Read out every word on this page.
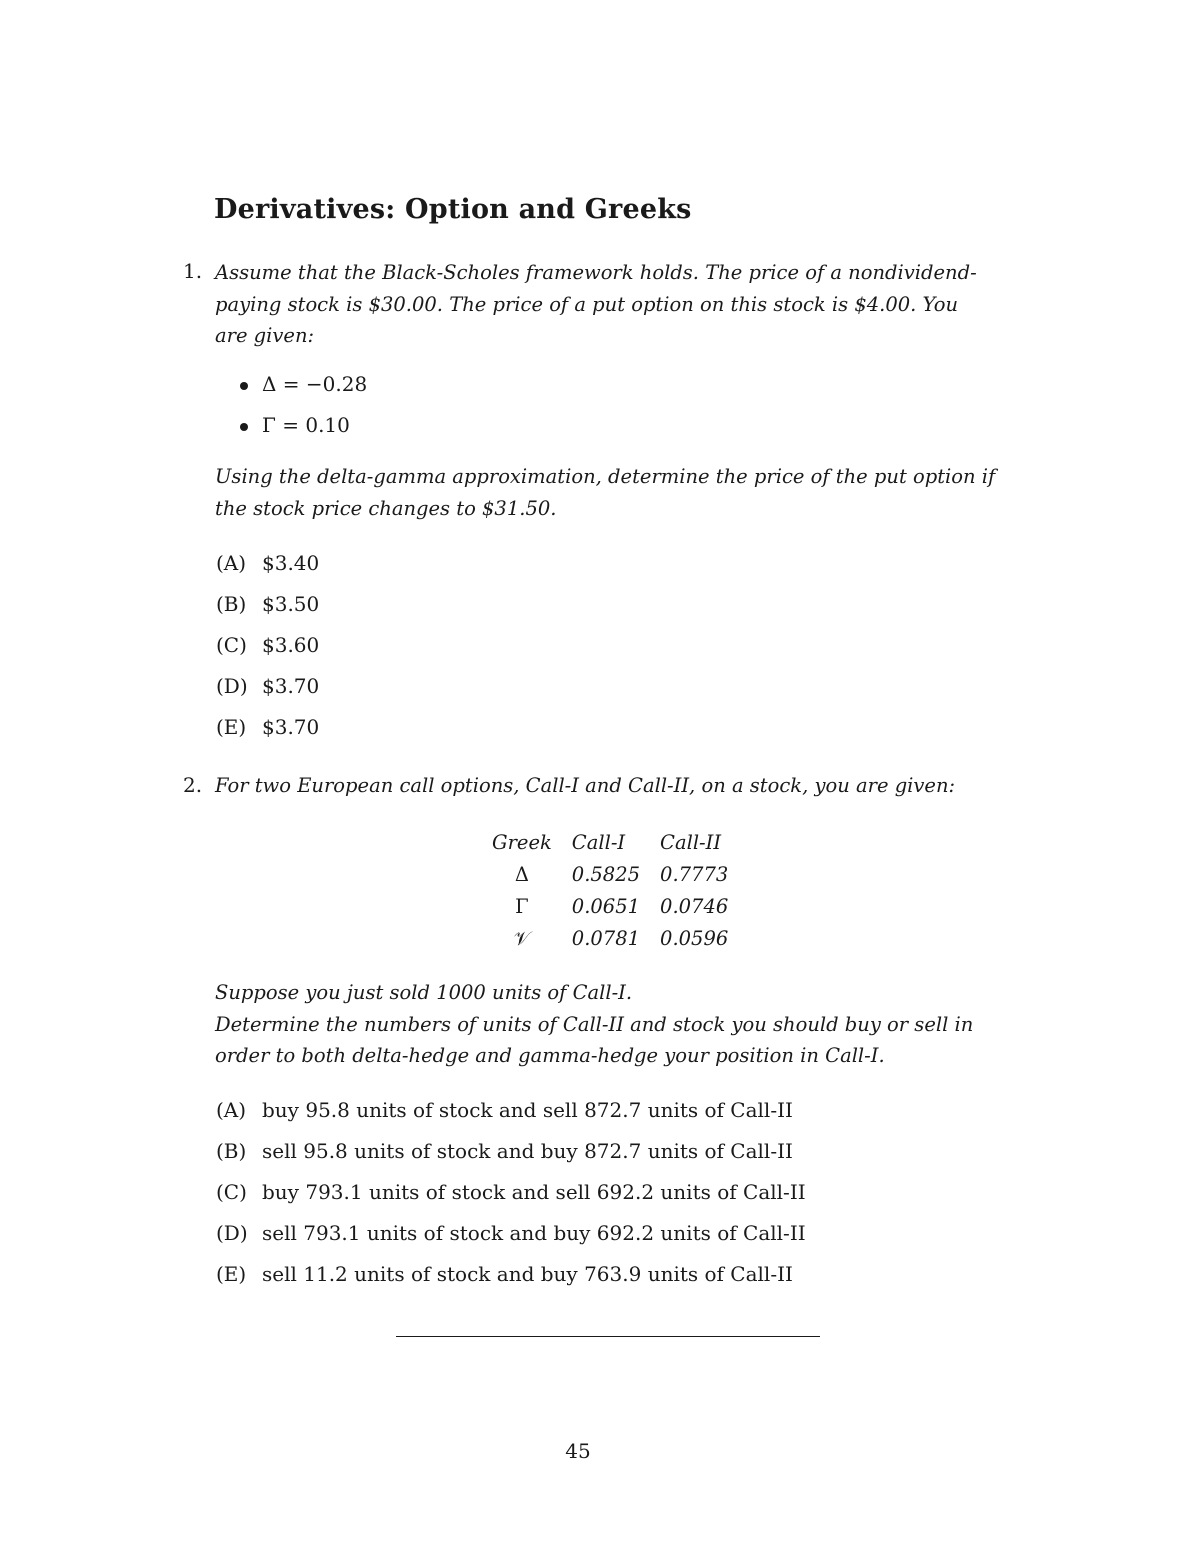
Derivatives: Option and Greeks
1. Assume that the Black-Scholes framework holds. The price of a nondividend-
paying stock is $30.00. The price of a put option on this stock is $4.00. You
are given:
Δ = −0.28
Γ = 0.10
Using the delta-gamma approximation, determine the price of the put option if
the stock price changes to $31.50.
(A) $3.40
(B) $3.50
(C) $3.60
(D) $3.70
(E) $3.70
2. For two European call options, Call-I and Call-II, on a stock, you are given:
Greek	Call-I	Call-II
Δ	0.5825	0.7773
Γ	0.0651	0.0746
𝒱	0.0781	0.0596
Suppose you just sold 1000 units of Call-I.
Determine the numbers of units of Call-II and stock you should buy or sell in
order to both delta-hedge and gamma-hedge your position in Call-I.
(A) buy 95.8 units of stock and sell 872.7 units of Call-II
(B) sell 95.8 units of stock and buy 872.7 units of Call-II
(C) buy 793.1 units of stock and sell 692.2 units of Call-II
(D) sell 793.1 units of stock and buy 692.2 units of Call-II
(E) sell 11.2 units of stock and buy 763.9 units of Call-II
45
